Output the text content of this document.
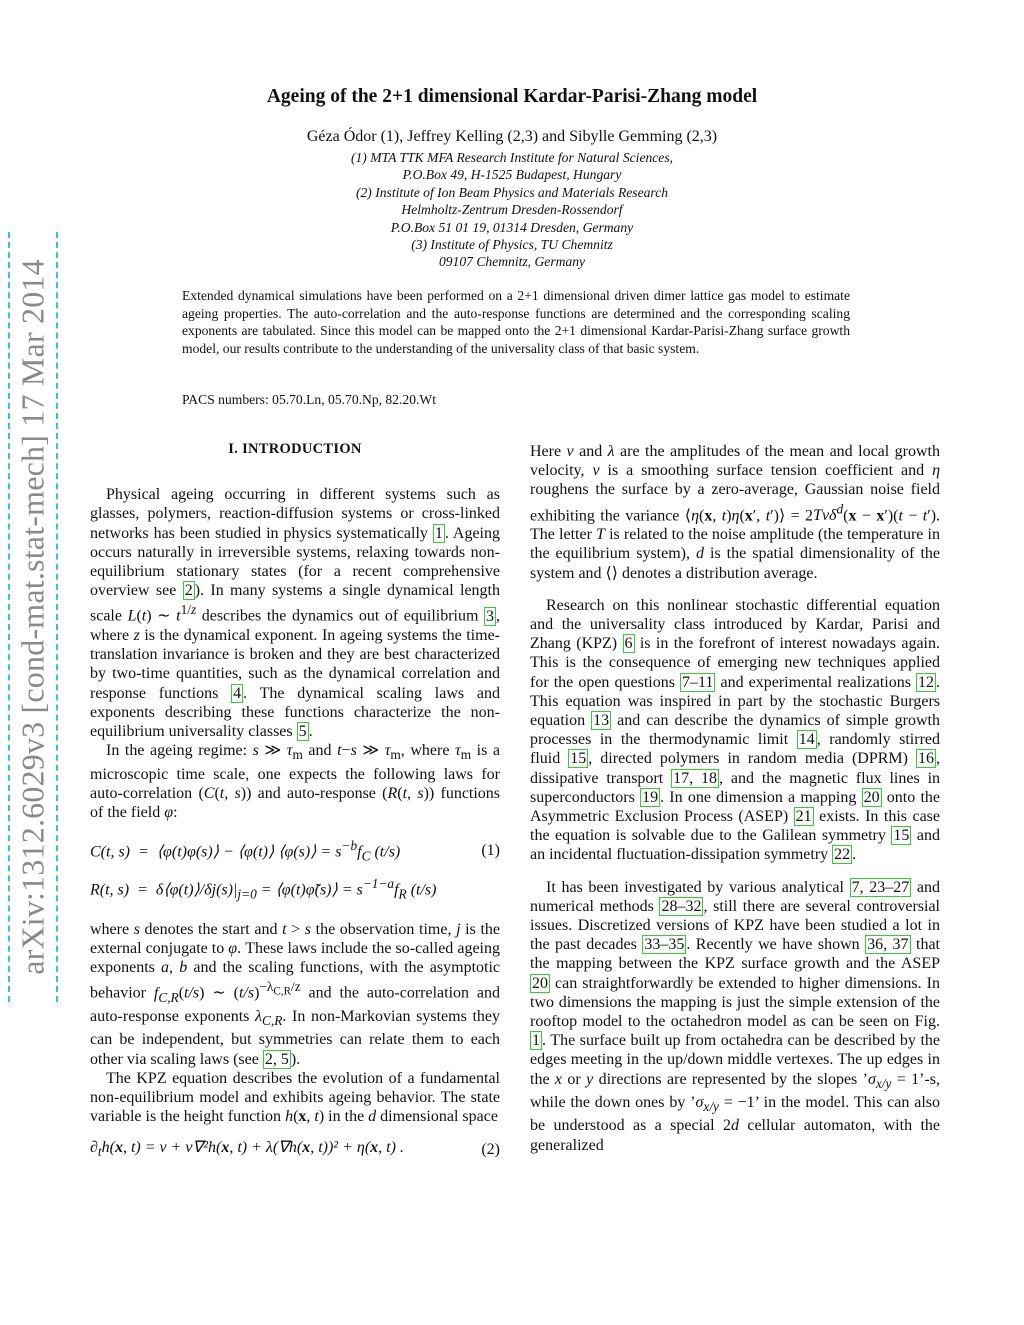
arXiv:1312.6029v3 [cond-mat.stat-mech] 17 Mar 2014
Ageing of the 2+1 dimensional Kardar-Parisi-Zhang model
Géza Ódor (1), Jeffrey Kelling (2,3) and Sibylle Gemming (2,3)
(1) MTA TTK MFA Research Institute for Natural Sciences,
P.O.Box 49, H-1525 Budapest, Hungary
(2) Institute of Ion Beam Physics and Materials Research
Helmholtz-Zentrum Dresden-Rossendorf
P.O.Box 51 01 19, 01314 Dresden, Germany
(3) Institute of Physics, TU Chemnitz
09107 Chemnitz, Germany
Extended dynamical simulations have been performed on a 2+1 dimensional driven dimer lattice gas model to estimate ageing properties. The auto-correlation and the auto-response functions are determined and the corresponding scaling exponents are tabulated. Since this model can be mapped onto the 2+1 dimensional Kardar-Parisi-Zhang surface growth model, our results contribute to the understanding of the universality class of that basic system.
PACS numbers: 05.70.Ln, 05.70.Np, 82.20.Wt
I. INTRODUCTION

Physical ageing occurring in different systems such as glasses, polymers, reaction-diffusion systems or cross-linked networks has been studied in physics systematically 1 . Ageing occurs naturally in irreversible systems, relaxing towards non-equilibrium stationary states (for a recent comprehensive overview see 2 ). In many systems a single dynamical length scale L(t) ∼ $t^{1/z}$ describes the dynamics out of equilibrium 3 , where z is the dynamical exponent. In ageing systems the time-translation invariance is broken and they are best characterized by two-time quantities, such as the dynamical correlation and response functions 4 . The dynamical scaling laws and exponents describing these functions characterize the non-equilibrium universality classes 5 .

In the ageing regime: s ≫ $\tau_m$ and t−s ≫ $\tau_m$, where $\tau_m$ is a microscopic time scale, one expects the following laws for auto-correlation (C(t, s)) and auto-response (R(t, s)) functions of the field φ:

C(t, s)  =  ⟨φ(t)φ(s)⟩ − ⟨φ(t)⟩ ⟨φ(s)⟩ = $s^{-b}f_C$ (t/s)	(1)
R(t, $s) = \delta⟨\varphi(t)⟩/\delta j(s)|_{j=0}$ = ⟨φ(t)φ̃(s)⟩ = $s^{-1-a}f_R$ (t/s)

where s denotes the start and t > s the observation time, j is the external conjugate to φ. These laws include the so-called ageing exponents a, b and the scaling functions, with the asymptotic behavior $f_{C,R}(t/s)$ ∼ $(t/s)^{-\lambda_{C,R}/z}$ and the auto-correlation and auto-response exponents $\lambda_{C,R}$. In non-Markovian systems they can be independent, but symmetries can relate them to each other via scaling laws (see 2, 5 ).

The KPZ equation describes the evolution of a fundamental non-equilibrium model and exhibits ageing behavior. The state variable is the height function h(x, t) in the d dimensional space

$\partial_th(x$, t) = v + ν∇²h(x, t) + λ(∇h(x, t))² + η(x, t) .	(2)

Here v and λ are the amplitudes of the mean and local growth velocity, ν is a smoothing surface tension coefficient and η roughens the surface by a zero-average, Gaussian noise field exhibiting the variance ⟨η(x, t)η(x′, t′)⟩ = 2Tνδ$^d$(x − x′)(t − t′). The letter T is related to the noise amplitude (the temperature in the equilibrium system), d is the spatial dimensionality of the system and ⟨⟩ denotes a distribution average.

Research on this nonlinear stochastic differential equation and the universality class introduced by Kardar, Parisi and Zhang (KPZ) 6 is in the forefront of interest nowadays again. This is the consequence of emerging new techniques applied for the open questions 7–11 and experimental realizations 12 . This equation was inspired in part by the stochastic Burgers equation 13 and can describe the dynamics of simple growth processes in the thermodynamic limit 14 , randomly stirred fluid 15 , directed polymers in random media (DPRM) 16 , dissipative transport 17, 18 , and the magnetic flux lines in superconductors 19 . In one dimension a mapping 20 onto the Asymmetric Exclusion Process (ASEP) 21 exists. In this case the equation is solvable due to the Galilean symmetry 15 and an incidental fluctuation-dissipation symmetry 22 .

It has been investigated by various analytical 7, 23–27 and numerical methods 28–32 , still there are several controversial issues. Discretized versions of KPZ have been studied a lot in the past decades 33–35 . Recently we have shown 36, 37 that the mapping between the KPZ surface growth and the ASEP 20 can straightforwardly be extended to higher dimensions. In two dimensions the mapping is just the simple extension of the rooftop model to the octahedron model as can be seen on Fig. 1 . The surface built up from octahedra can be described by the edges meeting in the up/down middle vertexes. The up edges in the x or y directions are represented by the slopes $’\sigma_{x/y}$ = 1’-s, while the down ones by $’\sigma_{x/y} = -1$’ in the model. This can also be understood as a special 2d cellular automaton, with the generalized
